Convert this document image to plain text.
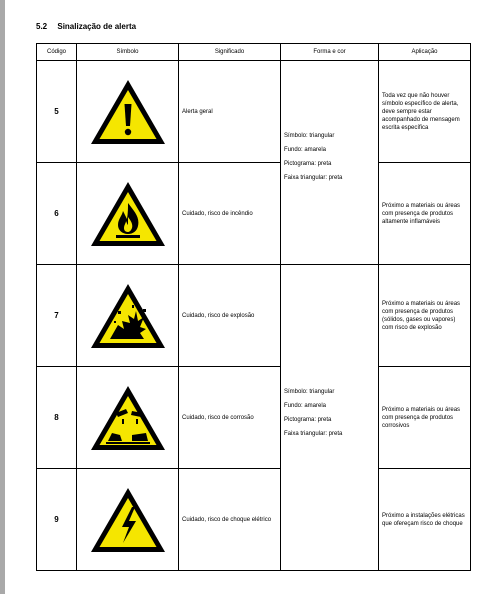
5.2 Sinalização de alerta
Código	Símbolo	Significado	Forma e cor	Aplicação
5		Alerta geral	Símbolo: triangular
Fundo: amarela
Pictograma: preta
Faixa triangular: preta	Toda vez que não houver símbolo específico de alerta, deve sempre estar acompanhado de mensagem escrita específica
6		Cuidado, risco de incêndio		Próximo a materiais ou áreas com presença de produtos altamente inflamáveis
7		Cuidado, risco de explosão	Símbolo: triangular
Fundo: amarela
Pictograma: preta
Faixa triangular: preta	Próximo a materiais ou áreas com presença de produtos (sólidos, gases ou vapores) com risco de explosão
8		Cuidado, risco de corrosão		Próximo a materiais ou áreas com presença de produtos corrosivos
9		Cuidado, risco de choque elétrico		Próximo a instalações elétricas que ofereçam risco de choque
